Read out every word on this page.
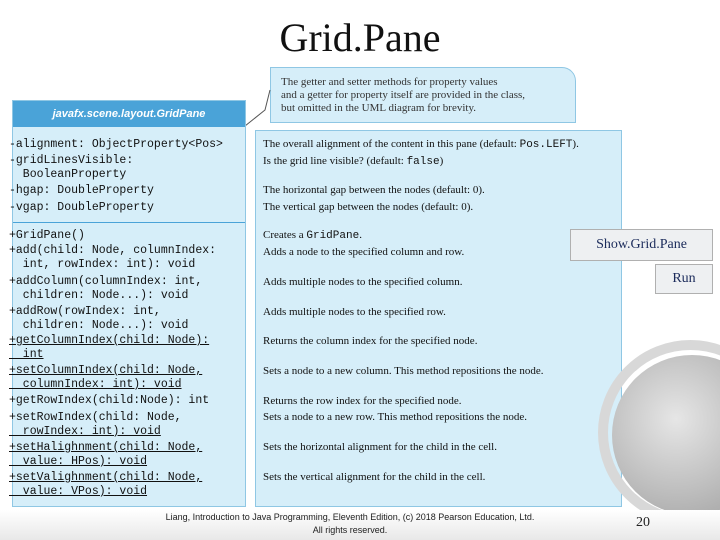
Grid.Pane
The getter and setter methods for property values
and a getter for property itself are provided in the class,
but omitted in the UML diagram for brevity.
javafx.scene.layout.GridPane
-alignment: ObjectProperty<Pos>
-gridLinesVisible:
BooleanProperty
-hgap: DoubleProperty
-vgap: DoubleProperty
+GridPane()
+add(child: Node, columnIndex:
int, rowIndex: int): void
+addColumn(columnIndex: int,
children: Node...): void
+addRow(rowIndex: int,
children: Node...): void
+getColumnIndex(child: Node):
int
+setColumnIndex(child: Node,
columnIndex: int): void
+getRowIndex(child:Node): int
+setRowIndex(child: Node,
rowIndex: int): void
+setHalighnment(child: Node,
value: HPos): void
+setValighnment(child: Node,
value: VPos): void
The overall alignment of the content in this pane (default: Pos.LEFT).
Is the grid line visible? (default: false)
The horizontal gap between the nodes (default: 0).
The vertical gap between the nodes (default: 0).
Creates a GridPane.
Adds a node to the specified column and row.
Adds multiple nodes to the specified column.
Adds multiple nodes to the specified row.
Returns the column index for the specified node.
Sets a node to a new column. This method repositions the node.
Returns the row index for the specified node.
Sets a node to a new row. This method repositions the node.
Sets the horizontal alignment for the child in the cell.
Sets the vertical alignment for the child in the cell.
Show.Grid.Pane
Run
Liang, Introduction to Java Programming, Eleventh Edition, (c) 2018 Pearson Education, Ltd.
All rights reserved.	20
